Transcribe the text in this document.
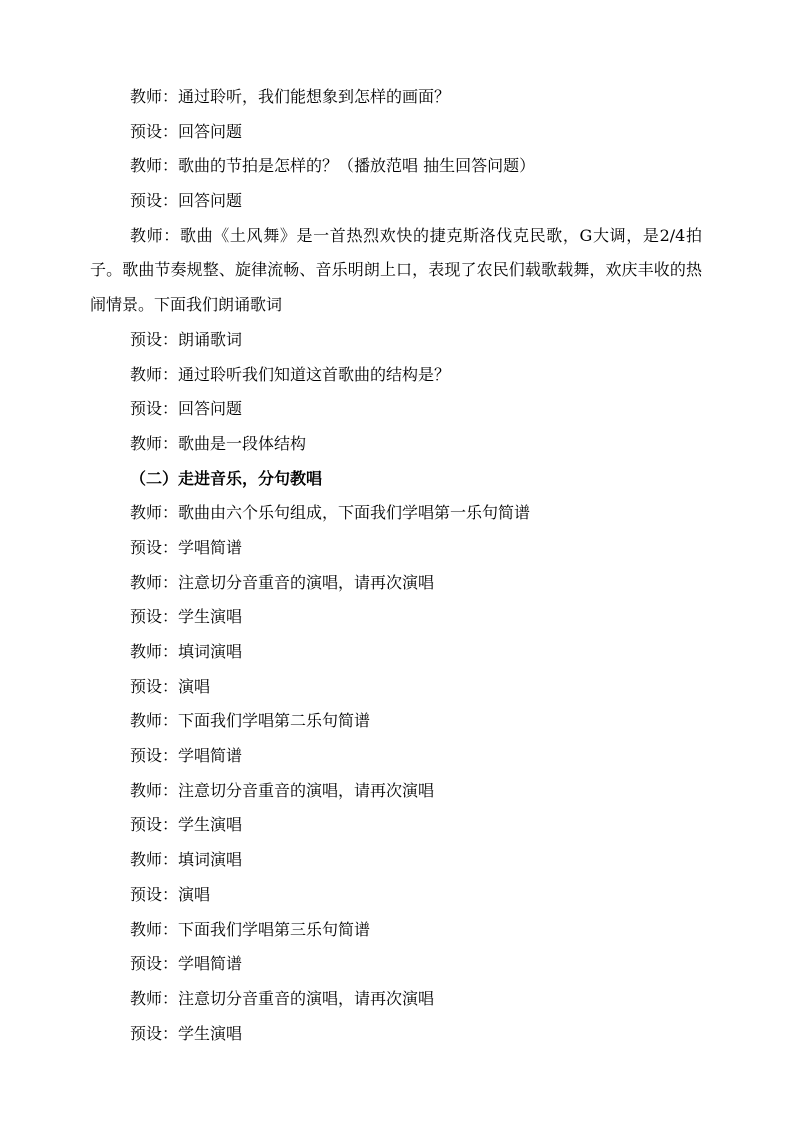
教师：通过聆听，我们能想象到怎样的画面？
预设：回答问题
教师：歌曲的节拍是怎样的？（播放范唱 抽生回答问题）
预设：回答问题

教师：歌曲《土风舞》是一首热烈欢快的捷克斯洛伐克民歌，G大调，是2/4拍子。歌曲节奏规整、旋律流畅、音乐明朗上口，表现了农民们载歌载舞，欢庆丰收的热闹情景。下面我们朗诵歌词

预设：朗诵歌词
教师：通过聆听我们知道这首歌曲的结构是？
预设：回答问题
教师：歌曲是一段体结构
（二）走进音乐，分句教唱
教师：歌曲由六个乐句组成，下面我们学唱第一乐句简谱
预设：学唱简谱
教师：注意切分音重音的演唱，请再次演唱
预设：学生演唱
教师：填词演唱
预设：演唱
教师：下面我们学唱第二乐句简谱
预设：学唱简谱
教师：注意切分音重音的演唱，请再次演唱
预设：学生演唱
教师：填词演唱
预设：演唱
教师：下面我们学唱第三乐句简谱
预设：学唱简谱
教师：注意切分音重音的演唱，请再次演唱
预设：学生演唱
